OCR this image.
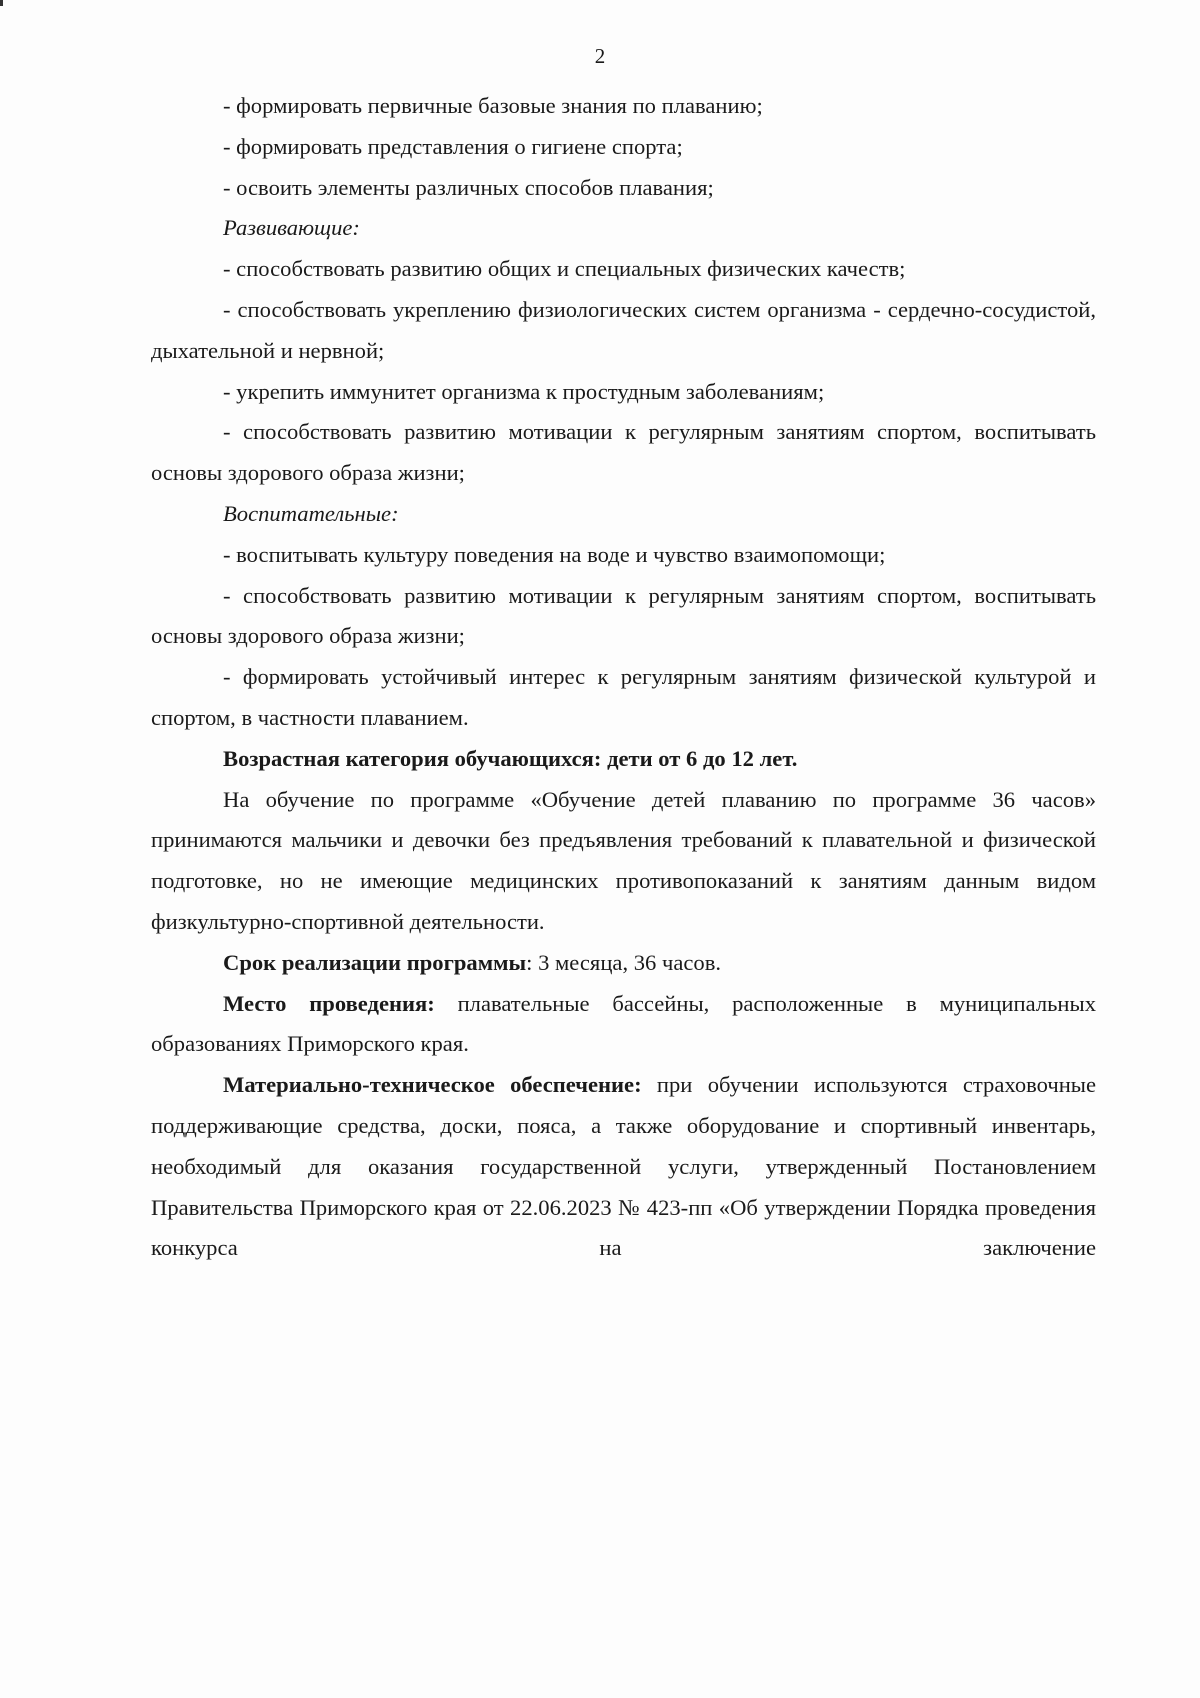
2

- формировать первичные базовые знания по плаванию;

- формировать представления о гигиене спорта;

- освоить элементы различных способов плавания;

Развивающие:

- способствовать развитию общих и специальных физических качеств;

- способствовать укреплению физиологических систем организма - сердечно-сосудистой, дыхательной и нервной;

- укрепить иммунитет организма к простудным заболеваниям;

- способствовать развитию мотивации к регулярным занятиям спортом, воспитывать основы здорового образа жизни;

Воспитательные:

- воспитывать культуру поведения на воде и чувство взаимопомощи;

- способствовать развитию мотивации к регулярным занятиям спортом, воспитывать основы здорового образа жизни;

- формировать устойчивый интерес к регулярным занятиям физической культурой и спортом, в частности плаванием.

Возрастная категория обучающихся: дети от 6 до 12 лет.

На обучение по программе «Обучение детей плаванию по программе 36 часов» принимаются мальчики и девочки без предъявления требований к плавательной и физической подготовке, но не имеющие медицинских противопоказаний к занятиям данным видом физкультурно-спортивной деятельности.

Срок реализации программы: 3 месяца, 36 часов.

Место проведения: плавательные бассейны, расположенные в муниципальных образованиях Приморского края.

Материально-техническое обеспечение: при обучении используются страховочные поддерживающие средства, доски, пояса, а также оборудование и спортивный инвентарь, необходимый для оказания государственной услуги, утвержденный Постановлением Правительства Приморского края от 22.06.2023 № 423-пп «Об утверждении Порядка проведения конкурса на заключение
